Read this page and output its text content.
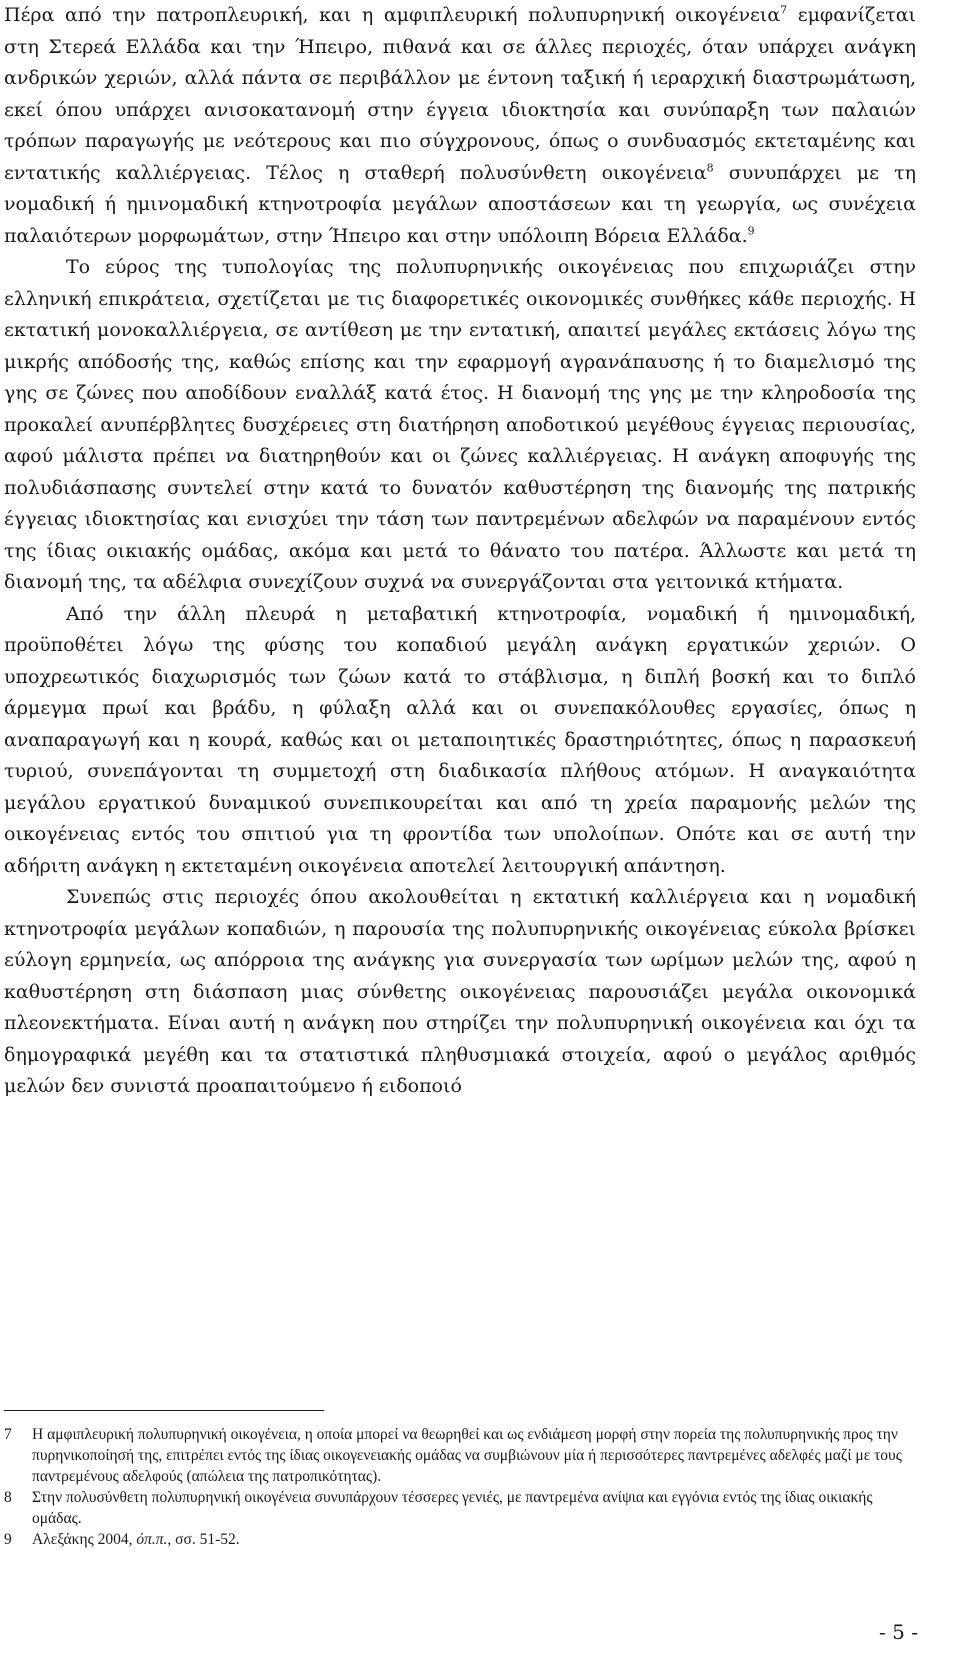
Πέρα από την πατροπλευρική, και η αμφιπλευρική πολυπυρηνική οικογένεια$^7$ εμφανίζεται στη Στερεά Ελλάδα και την Ήπειρο, πιθανά και σε άλλες περιοχές, όταν υπάρχει ανάγκη ανδρικών χεριών, αλλά πάντα σε περιβάλλον με έντονη ταξική ή ιεραρχική διαστρωμάτωση, εκεί όπου υπάρχει ανισοκατανομή στην έγγεια ιδιοκτησία και συνύπαρξη των παλαιών τρόπων παραγωγής με νεότερους και πιο σύγχρονους, όπως ο συνδυασμός εκτεταμένης και εντατικής καλλιέργειας. Τέλος η σταθερή πολυσύνθετη οικογένεια$^8$ συνυπάρχει με τη νομαδική ή ημινομαδική κτηνοτροφία μεγάλων αποστάσεων και τη γεωργία, ως συνέχεια παλαιότερων μορφωμάτων, στην Ήπειρο και στην υπόλοιπη Βόρεια Ελλάδα.$^9$

Το εύρος της τυπολογίας της πολυπυρηνικής οικογένειας που επιχωριάζει στην ελληνική επικράτεια, σχετίζεται με τις διαφορετικές οικονομικές συνθήκες κάθε περιοχής. Η εκτατική μονοκαλλιέργεια, σε αντίθεση με την εντατική, απαιτεί μεγάλες εκτάσεις λόγω της μικρής απόδοσής της, καθώς επίσης και την εφαρμογή αγρανάπαυσης ή το διαμελισμό της γης σε ζώνες που αποδίδουν εναλλάξ κατά έτος. Η διανομή της γης με την κληροδοσία της προκαλεί ανυπέρβλητες δυσχέρειες στη διατήρηση αποδοτικού μεγέθους έγγειας περιουσίας, αφού μάλιστα πρέπει να διατηρηθούν και οι ζώνες καλλιέργειας. Η ανάγκη αποφυγής της πολυδιάσπασης συντελεί στην κατά το δυνατόν καθυστέρηση της διανομής της πατρικής έγγειας ιδιοκτησίας και ενισχύει την τάση των παντρεμένων αδελφών να παραμένουν εντός της ίδιας οικιακής ομάδας, ακόμα και μετά το θάνατο του πατέρα. Άλλωστε και μετά τη διανομή της, τα αδέλφια συνεχίζουν συχνά να συνεργάζονται στα γειτονικά κτήματα.

Από την άλλη πλευρά η μεταβατική κτηνοτροφία, νομαδική ή ημινομαδική, προϋποθέτει λόγω της φύσης του κοπαδιού μεγάλη ανάγκη εργατικών χεριών. Ο υποχρεωτικός διαχωρισμός των ζώων κατά το στάβλισμα, η διπλή βοσκή και το διπλό άρμεγμα πρωί και βράδυ, η φύλαξη αλλά και οι συνεπακόλουθες εργασίες, όπως η αναπαραγωγή και η κουρά, καθώς και οι μεταποιητικές δραστηριότητες, όπως η παρασκευή τυριού, συνεπάγονται τη συμμετοχή στη διαδικασία πλήθους ατόμων. Η αναγκαιότητα μεγάλου εργατικού δυναμικού συνεπικουρείται και από τη χρεία παραμονής μελών της οικογένειας εντός του σπιτιού για τη φροντίδα των υπολοίπων. Οπότε και σε αυτή την αδήριτη ανάγκη η εκτεταμένη οικογένεια αποτελεί λειτουργική απάντηση.

Συνεπώς στις περιοχές όπου ακολουθείται η εκτατική καλλιέργεια και η νομαδική κτηνοτροφία μεγάλων κοπαδιών, η παρουσία της πολυπυρηνικής οικογένειας εύκολα βρίσκει εύλογη ερμηνεία, ως απόρροια της ανάγκης για συνεργασία των ωρίμων μελών της, αφού η καθυστέρηση στη διάσπαση μιας σύνθετης οικογένειας παρουσιάζει μεγάλα οικονομικά πλεονεκτήματα. Είναι αυτή η ανάγκη που στηρίζει την πολυπυρηνική οικογένεια και όχι τα δημογραφικά μεγέθη και τα στατιστικά πληθυσμιακά στοιχεία, αφού ο μεγάλος αριθμός μελών δεν συνιστά προαπαιτούμενο ή ειδοποιό

7	Η αμφιπλευρική πολυπυρηνική οικογένεια, η οποία μπορεί να θεωρηθεί και ως ενδιάμεση μορφή στην πορεία της πολυπυρηνικής προς την πυρηνικοποίησή της, επιτρέπει εντός της ίδιας οικογενειακής ομάδας να συμβιώνουν μία ή περισσότερες παντρεμένες αδελφές μαζί με τους παντρεμένους αδελφούς (απώλεια της πατροπικότητας).
8	Στην πολυσύνθετη πολυπυρηνική οικογένεια συνυπάρχουν τέσσερες γενιές, με παντρεμένα ανίψια και εγγόνια εντός της ίδιας οικιακής ομάδας.
9	Αλεξάκης 2004, όπ.π., σσ. 51-52.
- 5 -
